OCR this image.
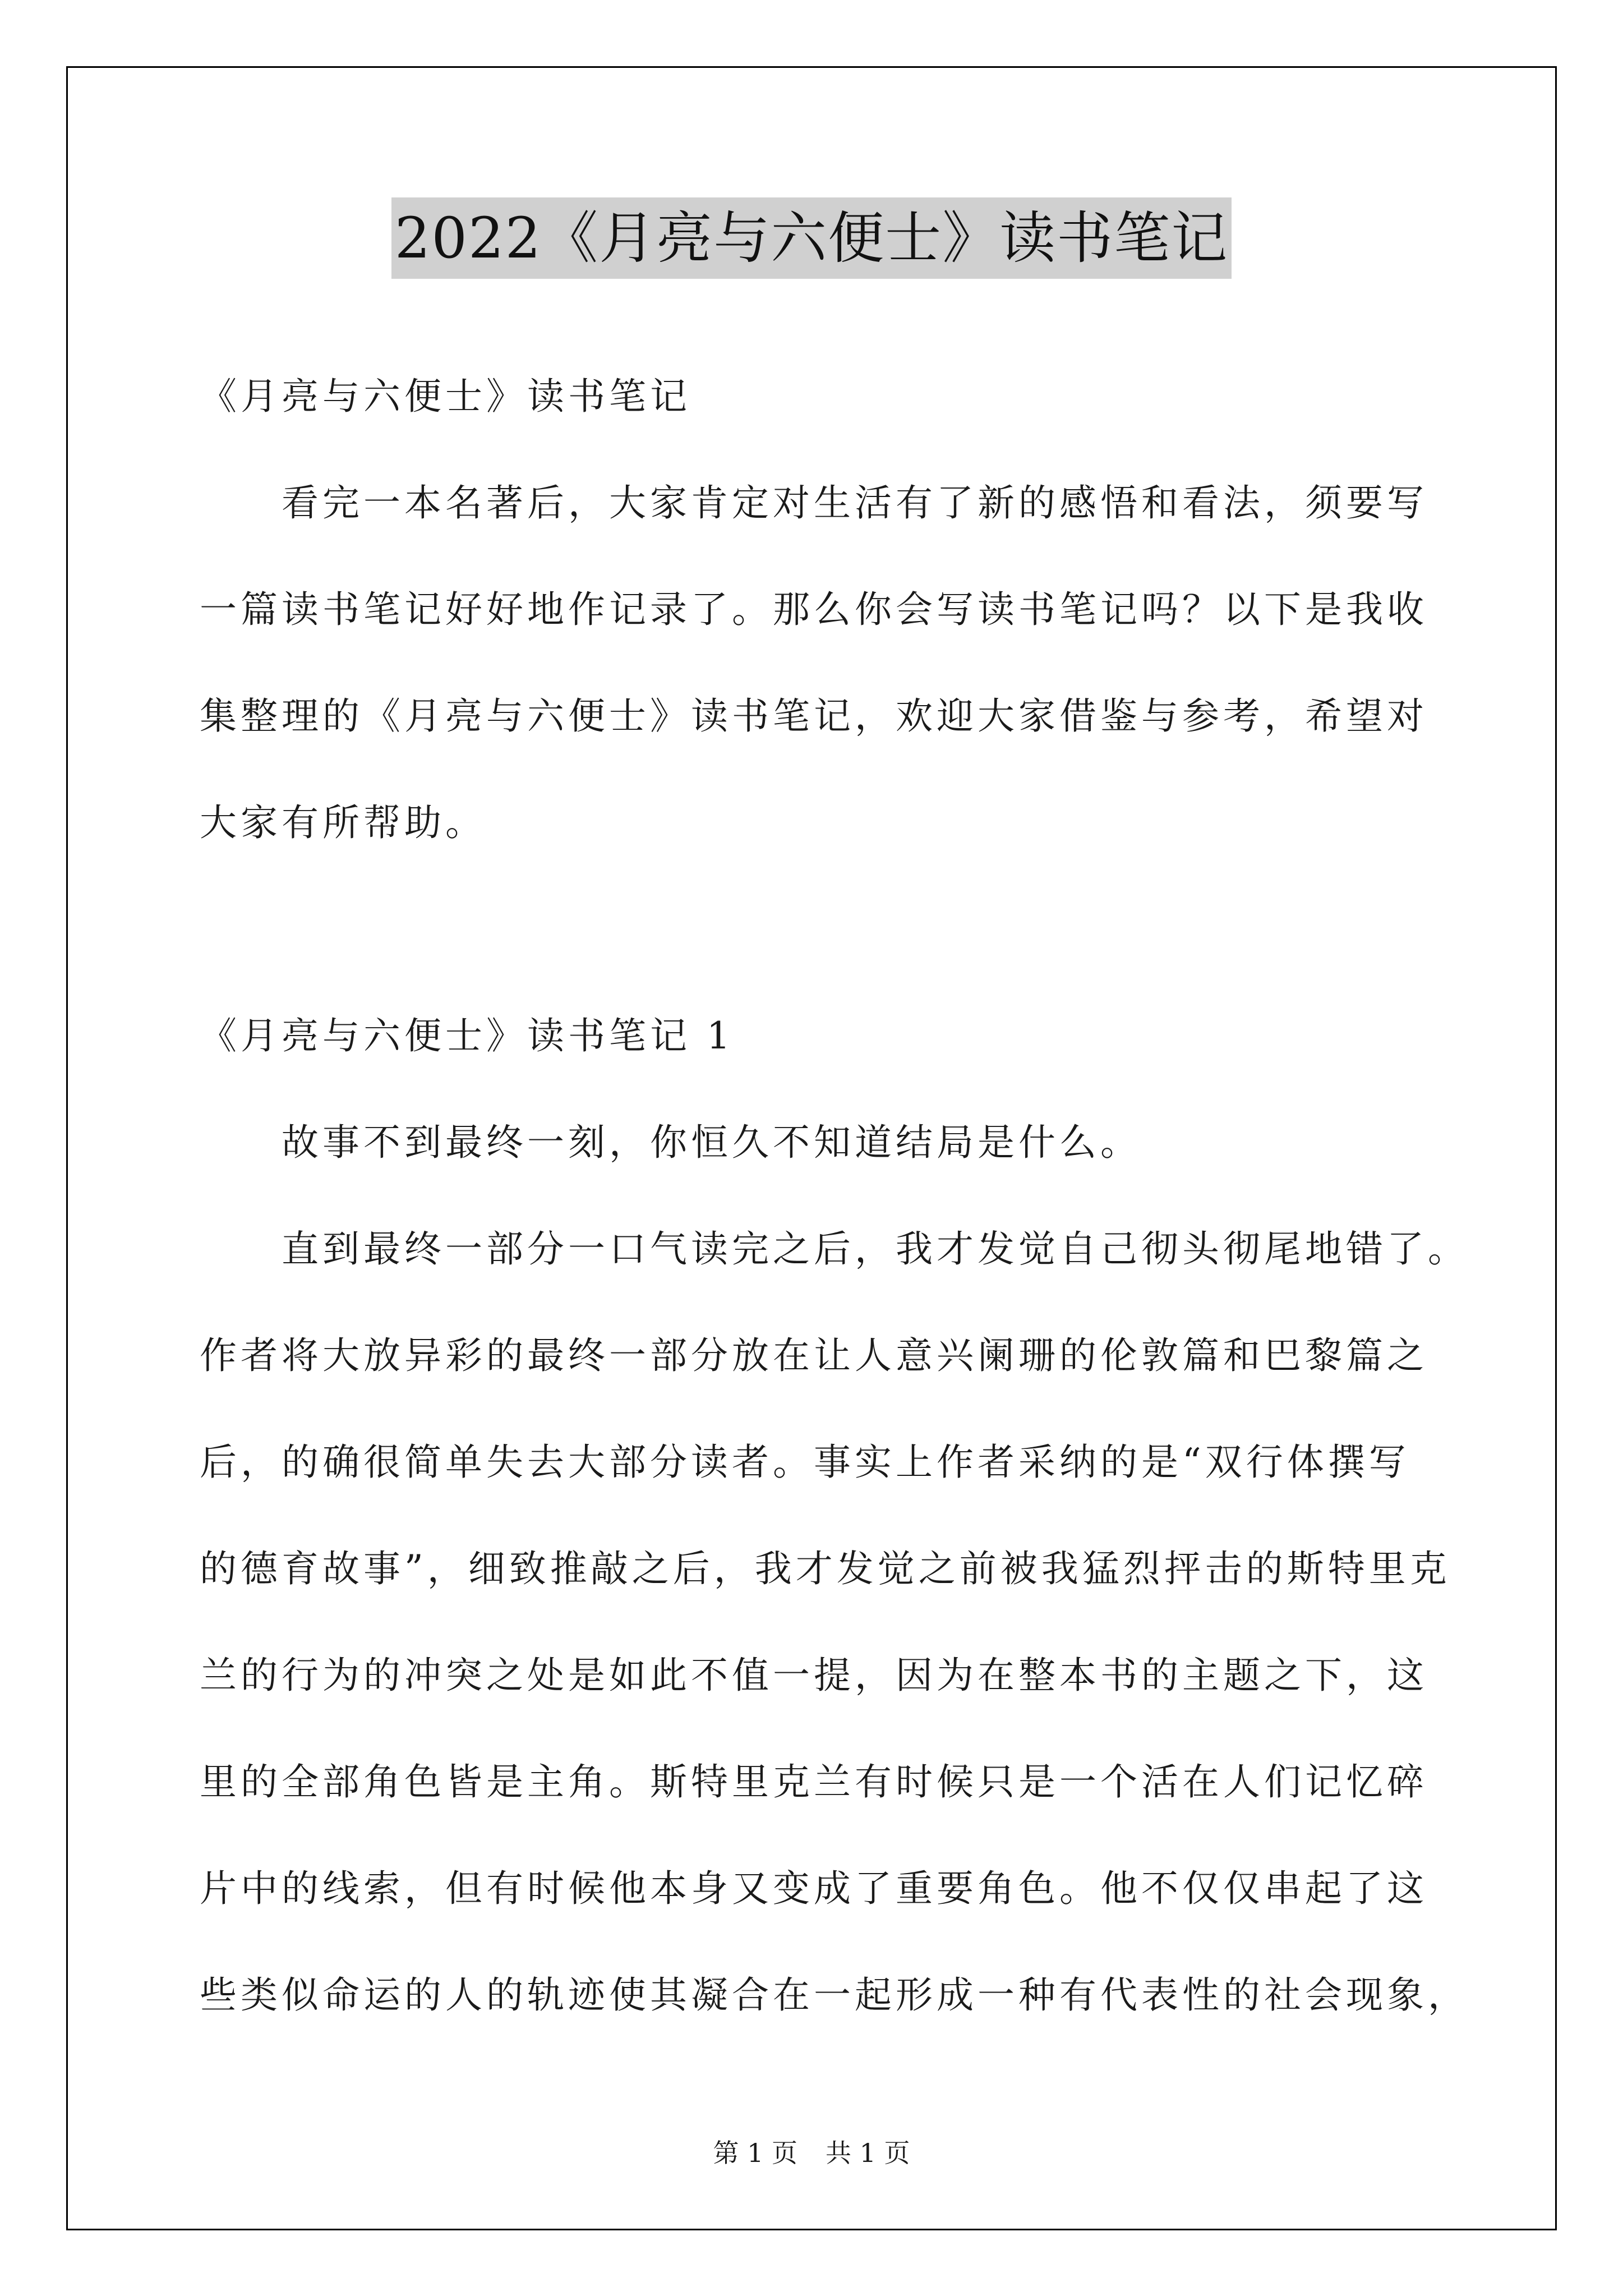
2022《月亮与六便士》读书笔记

《月亮与六便士》读书笔记

看完一本名著后，大家肯定对生活有了新的感悟和看法，须要写

一篇读书笔记好好地作记录了。那么你会写读书笔记吗？以下是我收

集整理的《月亮与六便士》读书笔记，欢迎大家借鉴与参考，希望对

大家有所帮助。

《月亮与六便士》读书笔记 1

故事不到最终一刻，你恒久不知道结局是什么。

直到最终一部分一口气读完之后，我才发觉自己彻头彻尾地错了。

作者将大放异彩的最终一部分放在让人意兴阑珊的伦敦篇和巴黎篇之

后，的确很简单失去大部分读者。事实上作者采纳的是“双行体撰写

的德育故事”，细致推敲之后，我才发觉之前被我猛烈抨击的斯特里克

兰的行为的冲突之处是如此不值一提，因为在整本书的主题之下，这

里的全部角色皆是主角。斯特里克兰有时候只是一个活在人们记忆碎

片中的线索，但有时候他本身又变成了重要角色。他不仅仅串起了这

些类似命运的人的轨迹使其凝合在一起形成一种有代表性的社会现象，

第 1 页 共 1 页
